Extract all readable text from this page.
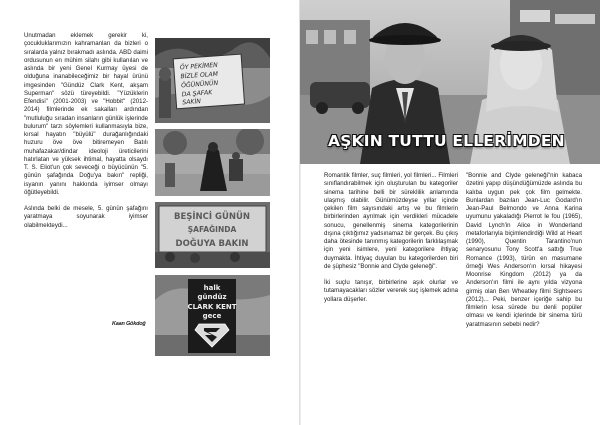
Unutmadan eklemek gerekir ki, çocukluklarımızın kahramanları da bizleri o sıralarda yalnız bırakmadı aslında. ABD daimi ordusunun en mühim silahı gibi kullanılan ve aslında bir yeni Genel Kurmay üyesi de olduğuna inanabileceğimiz bir hayal ürünü imgesinden "Gündüz Clark Kent, akşam Superman" sözü türeyebildi. "Yüzüklerin Efendisi" (2001-2003) ve "Hobbit" (2012-2014) filmlerinde ek sakalları ardından "mutluluğu sıradan insanların günlük işlerinde bulurum" tarzı söylemleri kullanmasıyla bize, kırsal hayatın "büyülü" durağanlığındaki huzuru öve öve bitiremeyen Batılı muhafazakar/dindar ideoloji üreticilerini hatırlatan ve yüksek ihtimal, hayatta olsaydı T. S. Eliot'un çok seveceği o büyücünün "5. günün şafağında Doğu'ya bakın" repliği, isyanın yanını hakkında iyimser olmayı öğütleyebildi.

Aslında belki de mesele, 5. günün şafağını yaratmaya soyunarak iyimser olabilmekteydi...

Kaan Gökdoğ
ÖY PEKİMEN
BİZLE OLAM
ÖĞÜNÜNÜN
DA ŞAFAK
SAKİN
BEŞİNCİ GÜNÜN
ŞAFAĞINDA
DOĞUYA BAKIN
halk
gündüz
CLARK KENT
gece
AŞKIN TUTTU ELLERİMDEN

Romantik filmler, suç filmleri, yol filmleri... Filmleri sınıflandırabilmek için oluşturulan bu kategoriler sinema tarihine belli bir süreklilik anlamında ulaşmış olabilir. Günümüzdeyse yıllar içinde çekilen film sayısındaki artış ve bu filmlerin birbirlerinden ayrılmak için verdikleri mücadele sonucu, genellenmiş sinema kategorilerinin dışına çıktığımız yadsınamaz bir gerçek. Bu çıkış daha ötesinde tanınmış kategorilerin farklılaşmak için yeni isimlere, yeni kategorilere ihtiyaç duymakta. İhtiyaç duyulan bu kategorilerden biri de şüphesiz "Bonnie and Clyde geleneği".

İki suçlu tanışır, birbirlerine aşık olurlar ve tutamayacakları sözler vererek suç işlemek adına yollara düşerler.

"Bonnie and Clyde geleneği"nin kabaca özetini yapıp düşündüğümüzde aslında bu kalıba uygun pek çok film gelmekte. Bunlardan bazıları Jean-Luc Godard'ın Jean-Paul Belmondo ve Anna Karina uyumunu yakaladığı Pierrot le fou (1965), David Lynch'in Alice in Wonderland metaforlarıyla biçimlendirdiği Wild at Heart (1990), Quentin Tarantino'nun senaryosunu Tony Scott'a sattığı True Romance (1993), türün en masumane örneği Wes Anderson'ın kırsal hikayesi Moonrise Kingdom (2012) ya da Anderson'ın filmi ile aynı yılda vizyona girmiş olan Ben Wheatley filmi Sightseers (2012)... Peki, benzer içeriğe sahip bu filmlerin kısa sürede bu denli popüler olması ve kendi içlerinde bir sinema türü yaratmasının sebebi nedir?
